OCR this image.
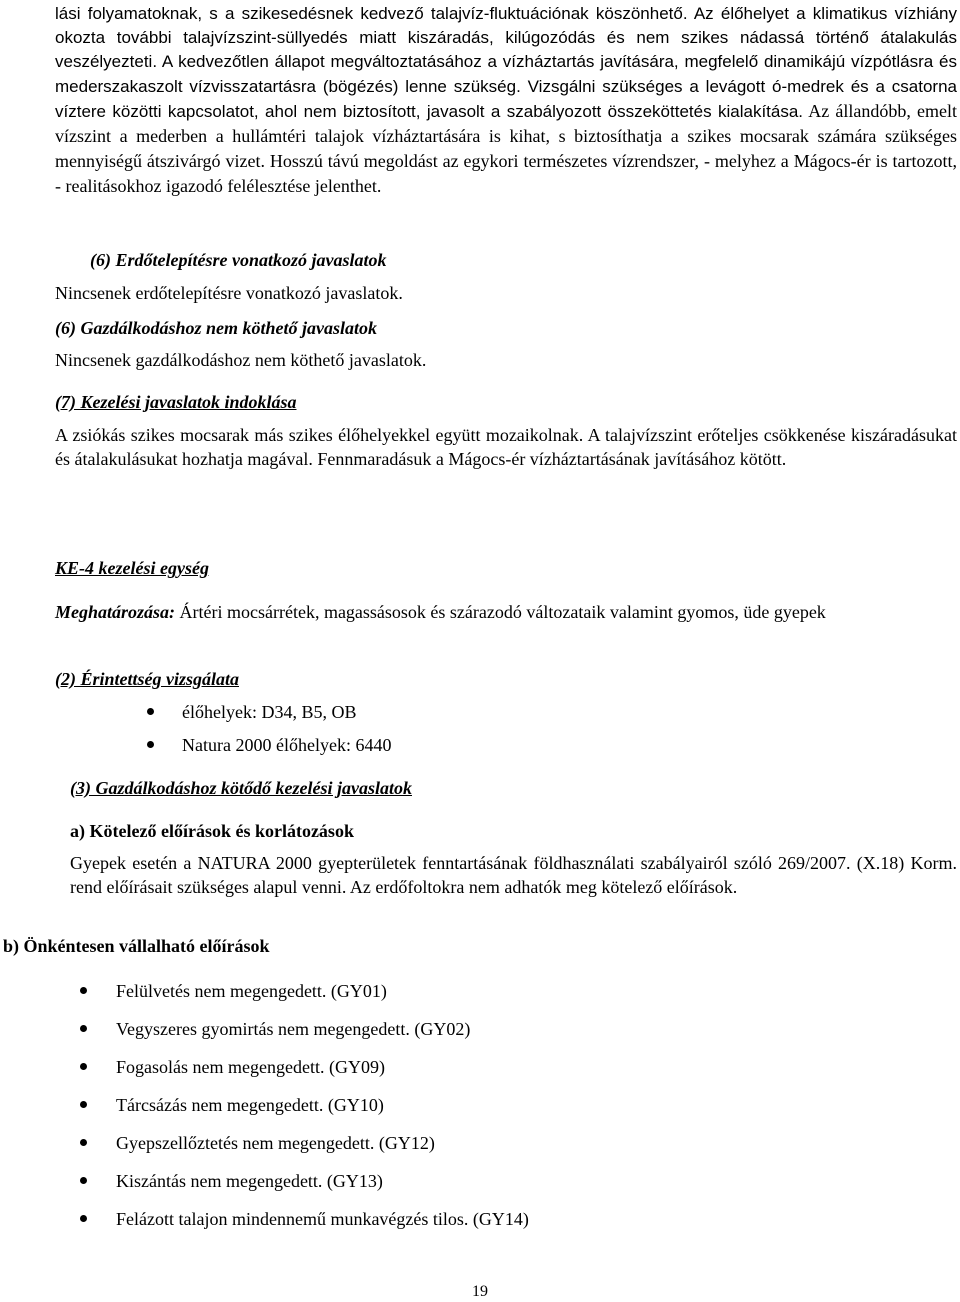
lási folyamatoknak, s a szikesedésnek kedvező talajvíz-fluktuációnak köszönhető. Az élőhelyet a klimatikus vízhiány okozta további talajvízszint-süllyedés miatt kiszáradás, kilúgozódás és nem szikes nádassá történő átalakulás veszélyezteti. A kedvezőtlen állapot megváltoztatásához a vízháztartás javítására, megfelelő dinamikájú vízpótlásra és mederszakaszolt vízvisszatartásra (bögézés) lenne szükség. Vizsgálni szükséges a levágott ó-medrek és a csatorna víztere közötti kapcsolatot, ahol nem biztosított, javasolt a szabályozott összeköttetés kialakítása. Az állandóbb, emelt vízszint a mederben a hullámtéri talajok vízháztartására is kihat, s biztosíthatja a szikes mocsarak számára szükséges mennyiségű átszivárgó vizet. Hosszú távú megoldást az egykori természetes vízrendszer, - melyhez a Mágocs-ér is tartozott, - realitásokhoz igazodó felélesztése jelenthet.

(6) Erdőtelepítésre vonatkozó javaslatok

Nincsenek erdőtelepítésre vonatkozó javaslatok.

(6) Gazdálkodáshoz nem köthető javaslatok

Nincsenek gazdálkodáshoz nem köthető javaslatok.

(7) Kezelési javaslatok indoklása

A zsiókás szikes mocsarak más szikes élőhelyekkel együtt mozaikolnak. A talajvízszint erőteljes csökkenése kiszáradásukat és átalakulásukat hozhatja magával. Fennmaradásuk a Mágocs-ér vízháztartásának javításához kötött.

KE-4 kezelési egység

Meghatározása: Ártéri mocsárrétek, magassásosok és szárazodó változataik valamint gyomos, üde gyepek

(2) Érintettség vizsgálata

élőhelyek: D34, B5, OB
Natura 2000 élőhelyek: 6440

(3) Gazdálkodáshoz kötődő kezelési javaslatok

a) Kötelező előírások és korlátozások

Gyepek esetén a NATURA 2000 gyepterületek fenntartásának földhasználati szabályairól szóló 269/2007. (X.18) Korm. rend előírásait szükséges alapul venni. Az erdőfoltokra nem adhatók meg kötelező előírások.

b) Önkéntesen vállalható előírások

Felülvetés nem megengedett. (GY01)
Vegyszeres gyomirtás nem megengedett. (GY02)
Fogasolás nem megengedett. (GY09)
Tárcsázás nem megengedett. (GY10)
Gyepszellőztetés nem megengedett. (GY12)
Kiszántás nem megengedett. (GY13)
Felázott talajon mindennemű munkavégzés tilos. (GY14)
19
